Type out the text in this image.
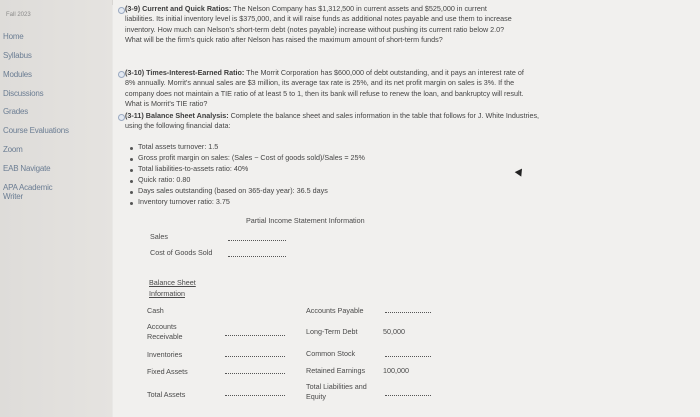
Fall 2023
Home
Syllabus
Modules
Discussions
Grades
Course Evaluations
Zoom
EAB Navigate
APA Academic Writer
(3-9) Current and Quick Ratios: The Nelson Company has $1,312,500 in current assets and $525,000 in current liabilities. Its initial inventory level is $375,000, and it will raise funds as additional notes payable and use them to increase inventory. How much can Nelson's short-term debt (notes payable) increase without pushing its current ratio below 2.0? What will be the firm's quick ratio after Nelson has raised the maximum amount of short-term funds?
(3-10) Times-Interest-Earned Ratio: The Morrit Corporation has $600,000 of debt outstanding, and it pays an interest rate of 8% annually. Morrit's annual sales are $3 million, its average tax rate is 25%, and its net profit margin on sales is 3%. If the company does not maintain a TIE ratio of at least 5 to 1, then its bank will refuse to renew the loan, and bankruptcy will result. What is Morrit's TIE ratio?
(3-11) Balance Sheet Analysis: Complete the balance sheet and sales information in the table that follows for J. White Industries, using the following financial data:
Total assets turnover: 1.5
Gross profit margin on sales: (Sales − Cost of goods sold)/Sales = 25%
Total liabilities-to-assets ratio: 40%
Quick ratio: 0.80
Days sales outstanding (based on 365-day year): 36.5 days
Inventory turnover ratio: 3.75
Partial Income Statement Information
Sales
Cost of Goods Sold
Balance Sheet
Information
Cash
Accounts Receivable
Inventories
Fixed Assets
Total Assets
Accounts Payable
Long-Term Debt	50,000
Common Stock
Retained Earnings 100,000
Total Liabilities and Equity
